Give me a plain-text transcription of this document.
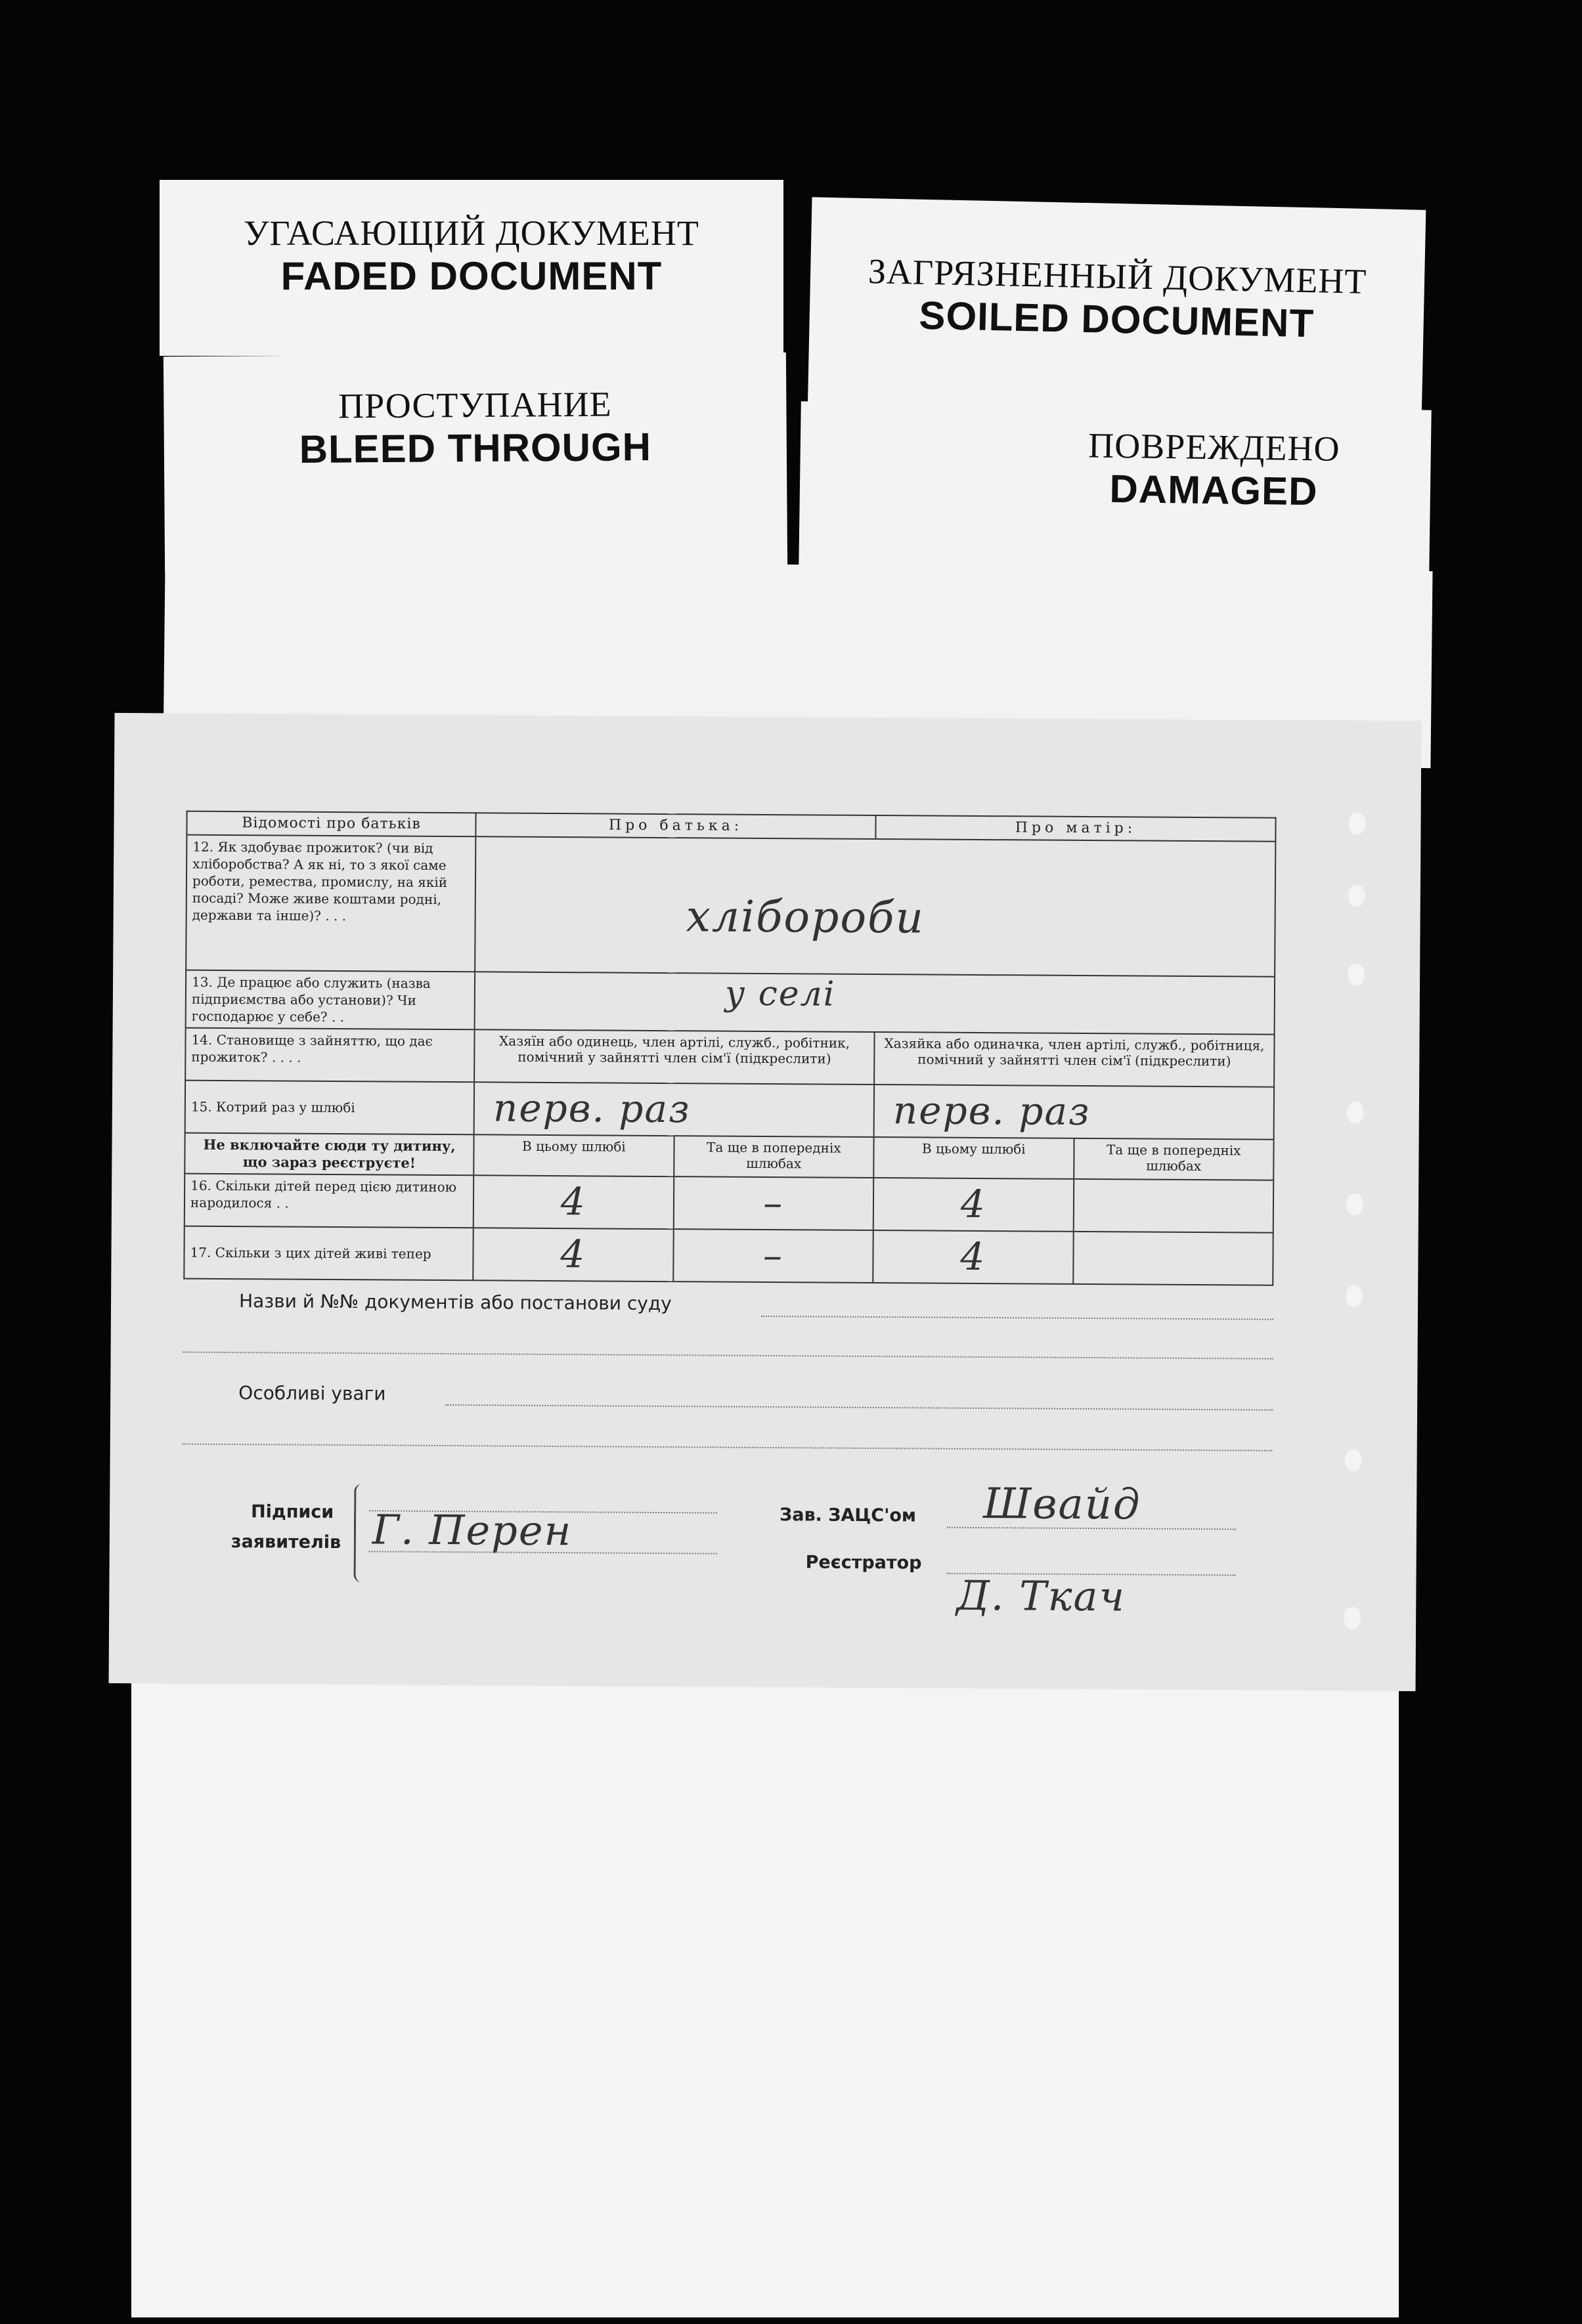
УГАСАЮЩИЙ ДОКУМЕНТ
FADED DOCUMENT	ЗАГРЯЗНЕННЫЙ ДОКУМЕНТ
SOILED DOCUMENT
ПРОСТУПАНИЕ
BLEED THROUGH	ПОВРЕЖДЕНО
DAMAGED
Відомості про батьків	Про батька:		Про матір:	
12. Як здобуває прожиток? (чи від хліборобства? А як ні, то з якої саме роботи, ремества, промислу, на якій посаді? Може живе коштами родні, держави та інше)? . . .	хлібороби			

13. Де працює або служить (назва підприємства або установи)? Чи господарює у себе? . .	у селі			

14. Становище з зайняттю, що дає прожиток? . . . .	Хазяїн або одинець, член артілі, служб., робітник, помічний у зайнятті член сім'ї (підкреслити)		Хазяйка або одиначка, член артілі, служб., робітниця, помічний у зайнятті член сім'ї (підкреслити)	
15. Котрий раз у шлюбі	перв. раз		перв. раз	
Не включайте сюди ту дитину, що зараз реєструєте!	В цьому шлюбі	Та ще в попередніх шлюбах	В цьому шлюбі	Та ще в попередніх шлюбах
16. Скільки дітей перед цією дитиною народилося . .	4	–	4	
17. Скільки з цих дітей живі тепер	4	–	4	
Назви й №№ документів або постанови суду
Особливі уваги
Підписи
заявителів Г. Перен	Зав. ЗАЦС'ом Швайд
Реєстратор
Д. Ткач
